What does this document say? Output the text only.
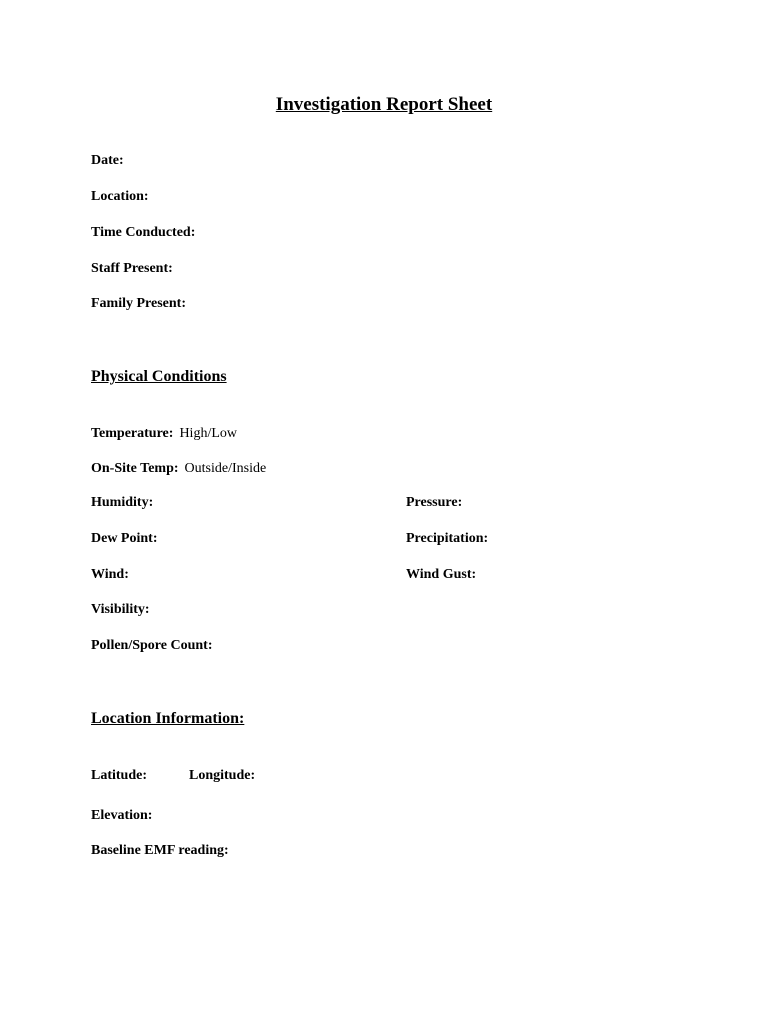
Investigation Report Sheet
Date:
Location:
Time Conducted:
Staff Present:
Family Present:
Physical Conditions
Temperature: High/Low
On-Site Temp: Outside/Inside
Humidity:	Pressure:
Dew Point:	Precipitation:
Wind:	Wind Gust:
Visibility:
Pollen/Spore Count:
Location Information:
Latitude:	Longitude:
Elevation:
Baseline EMF reading:
